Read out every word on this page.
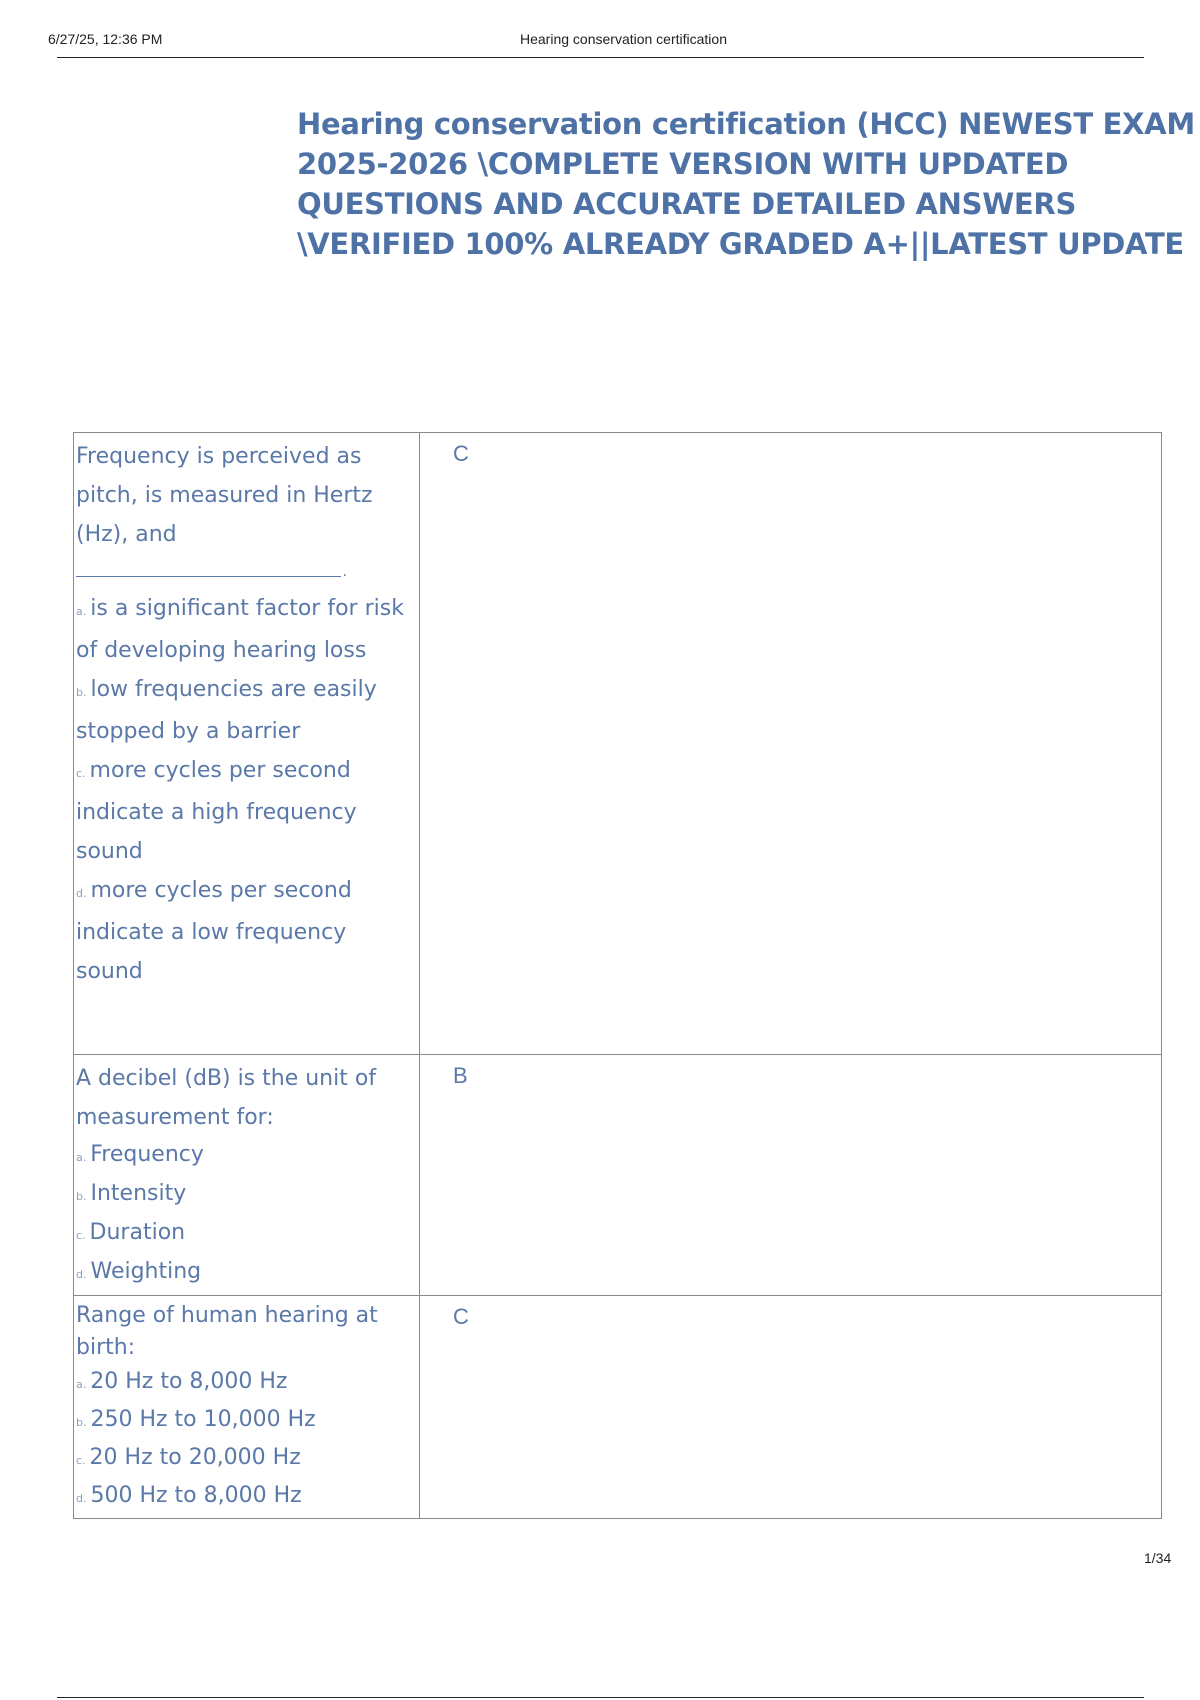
6/27/25, 12:36 PM	Hearing conservation certification
Hearing conservation certification (HCC) NEWEST EXAM 2025-2026 \COMPLETE VERSION WITH UPDATED QUESTIONS AND ACCURATE DETAILED ANSWERS \VERIFIED 100% ALREADY GRADED A+||LATEST UPDATE
Frequency is perceived as pitch, is measured in Hertz (Hz), and
.
a. is a significant factor for risk of developing hearing loss
b. low frequencies are easily stopped by a barrier
c. more cycles per second indicate a high frequency sound
d. more cycles per second indicate a low frequency sound	C

A decibel (dB) is the unit of measurement for:
a. Frequency
b. Intensity
c. Duration
d. Weighting	B

Range of human hearing at birth:
a. 20 Hz to 8,000 Hz
b. 250 Hz to 10,000 Hz
c. 20 Hz to 20,000 Hz
d. 500 Hz to 8,000 Hz	C
1/34
